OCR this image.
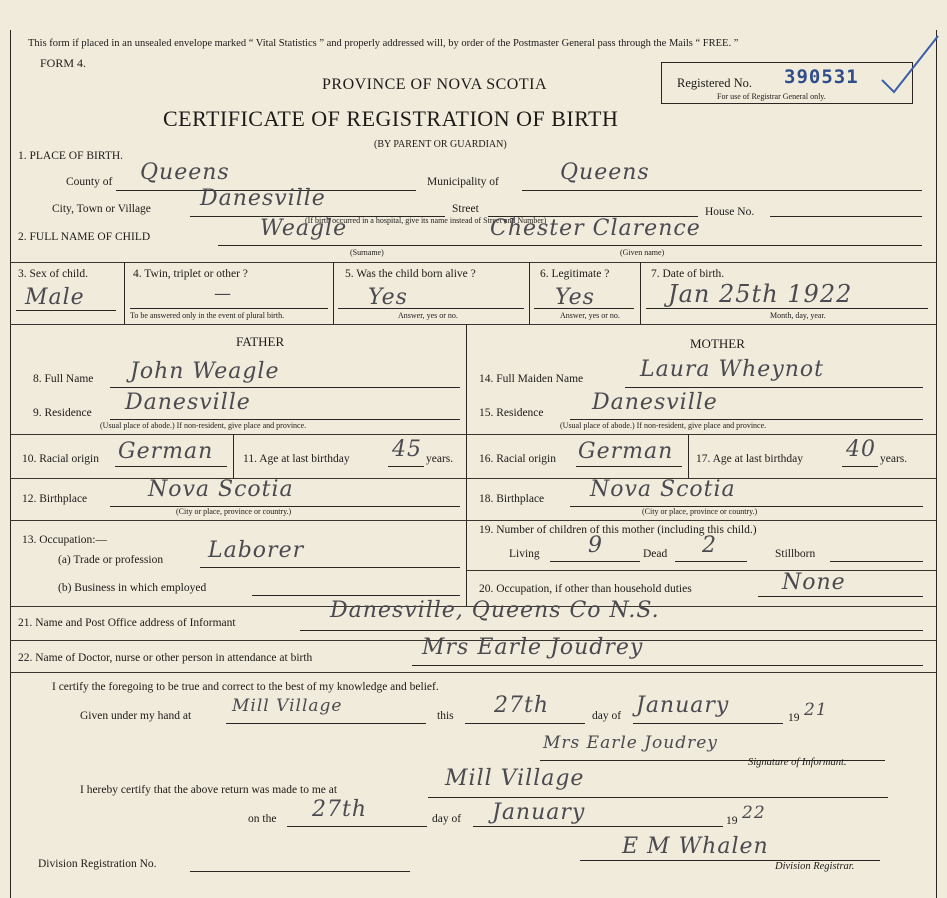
This form if placed in an unsealed envelope marked “ Vital Statistics ” and properly addressed will, by order of the Postmaster General pass through the Mails “ FREE. ”
FORM 4.
PROVINCE OF NOVA SCOTIA
CERTIFICATE OF REGISTRATION OF BIRTH
(BY PARENT OR GUARDIAN)
Registered No. 390531
For use of Registrar General only.
1. PLACE OF BIRTH.
County of Queens	Municipality of	Queens
City, Town or Village Danesville	Street
(If birth occurred in a hospital, give its name instead of Street and Number)
House No.
2. FULL NAME OF CHILD	Weagle	Chester Clarence
(Surname)	(Given name)
3. Sex of child.
Male
4. Twin, triplet or other ?
—
To be answered only in the event of plural birth.
5. Was the child born alive ?
Yes
Answer, yes or no.
6. Legitimate ?
Yes
Answer, yes or no.
7. Date of birth.
Jan 25th 1922
Month, day, year.
FATHER	MOTHER
8. Full Name John Weagle
9. Residence Danesville
(Usual place of abode.) If non-resident, give place and province.
10. Racial origin German	11. Age at last birthday 45 years.
12. Birthplace	Nova Scotia
(City or place, province or country.)
13. Occupation:—
(a) Trade or profession Laborer
(b) Business in which employed
14. Full Maiden Name	Laura Wheynot
15. Residence Danesville
(Usual place of abode.) If non-resident, give place and province.
16. Racial origin German 17. Age at last birthday 40 years.
18. Birthplace Nova Scotia
(City or place, province or country.)
19. Number of children of this mother (including this child.)
Living 9	Dead 2	Stillborn
20. Occupation, if other than household duties	None
21. Name and Post Office address of Informant	Danesville, Queens Co N.S.
22. Name of Doctor, nurse or other person in attendance at birth	Mrs Earle Joudrey
I certify the foregoing to be true and correct to the best of my knowledge and belief.
Given under my hand at Mill Village	this 27th	day of January	19 21
Mrs Earle Joudrey
Signature of Informant.
I hereby certify that the above return was made to me at	Mill Village
on the 27th	day of January	19 22
E M Whalen
Division Registration No.	Division Registrar.
